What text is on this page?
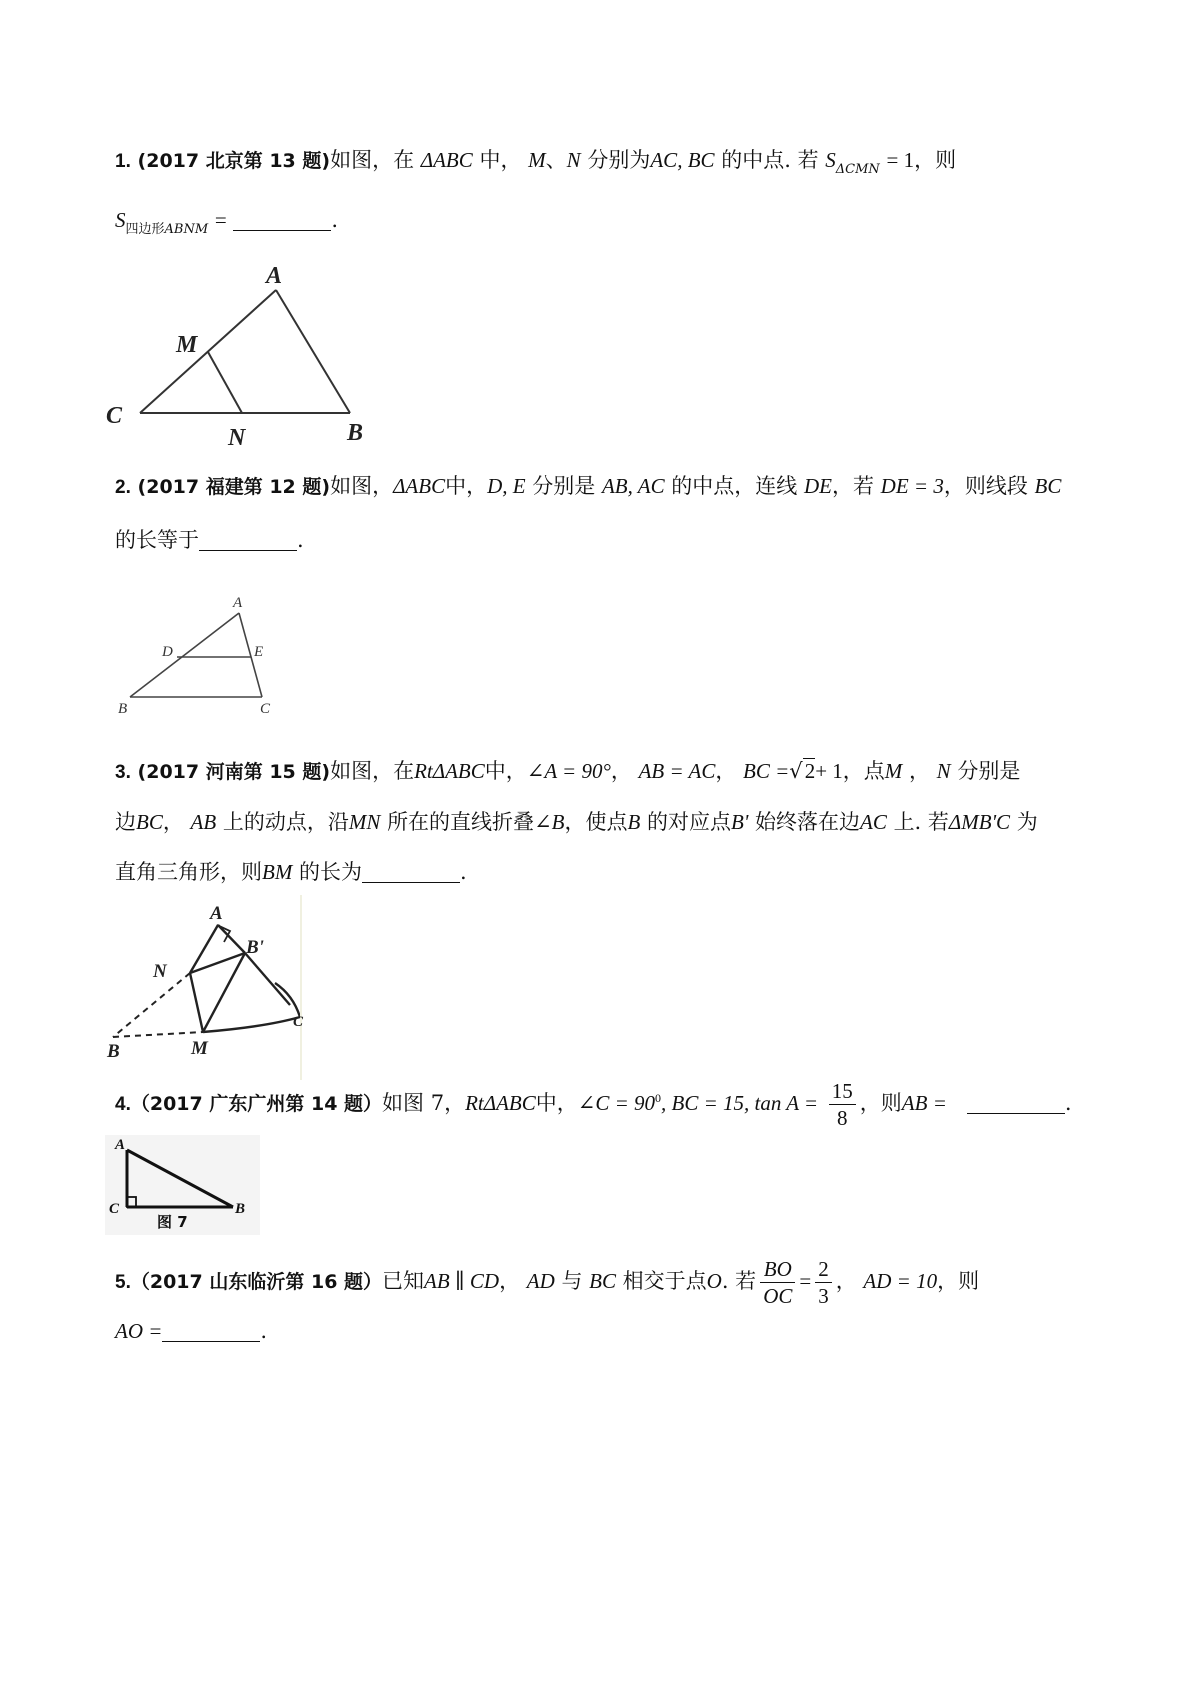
1. (2017 北京第 13 题)如图，在 ΔABC 中， M、N 分别为AC, BC 的中点. 若 $S_{\Delta CMN} = 1$，则
$S_{四边形ABNM}$ =	.
A
M
C
N	B
2. (2017 福建第 12 题)如图，ΔABC中，D, E 分别是 AB, AC 的中点，连线 DE，若 DE = 3，则线段 BC
的长等于	.
A
D	E
B	C
3. (2017 河南第 15 题)如图，在RtΔABC中，∠A = 90°， AB = AC， BC =√2+ 1，点M ， N 分别是
边BC， AB 上的动点，沿MN 所在的直线折叠∠B，使点B 的对应点B' 始终落在边AC 上. 若ΔMB'C 为
直角三角形，则BM 的长为	.
A
B'
N
B	M
C
4.（2017 广东广州第 14 题）如图 7，RtΔABC中，∠C = $90^0$, BC = 15, $\tan A = \frac{15}{8}$ ，则AB =	.
A
C	B
图 7
5.（2017 山东临沂第 16 题）已知AB ∥ CD， AD 与 BC 相交于点O. 若 $\frac{BO}{OC} = \frac{2}{3}$ ， AD = 10，则
AO =	.
